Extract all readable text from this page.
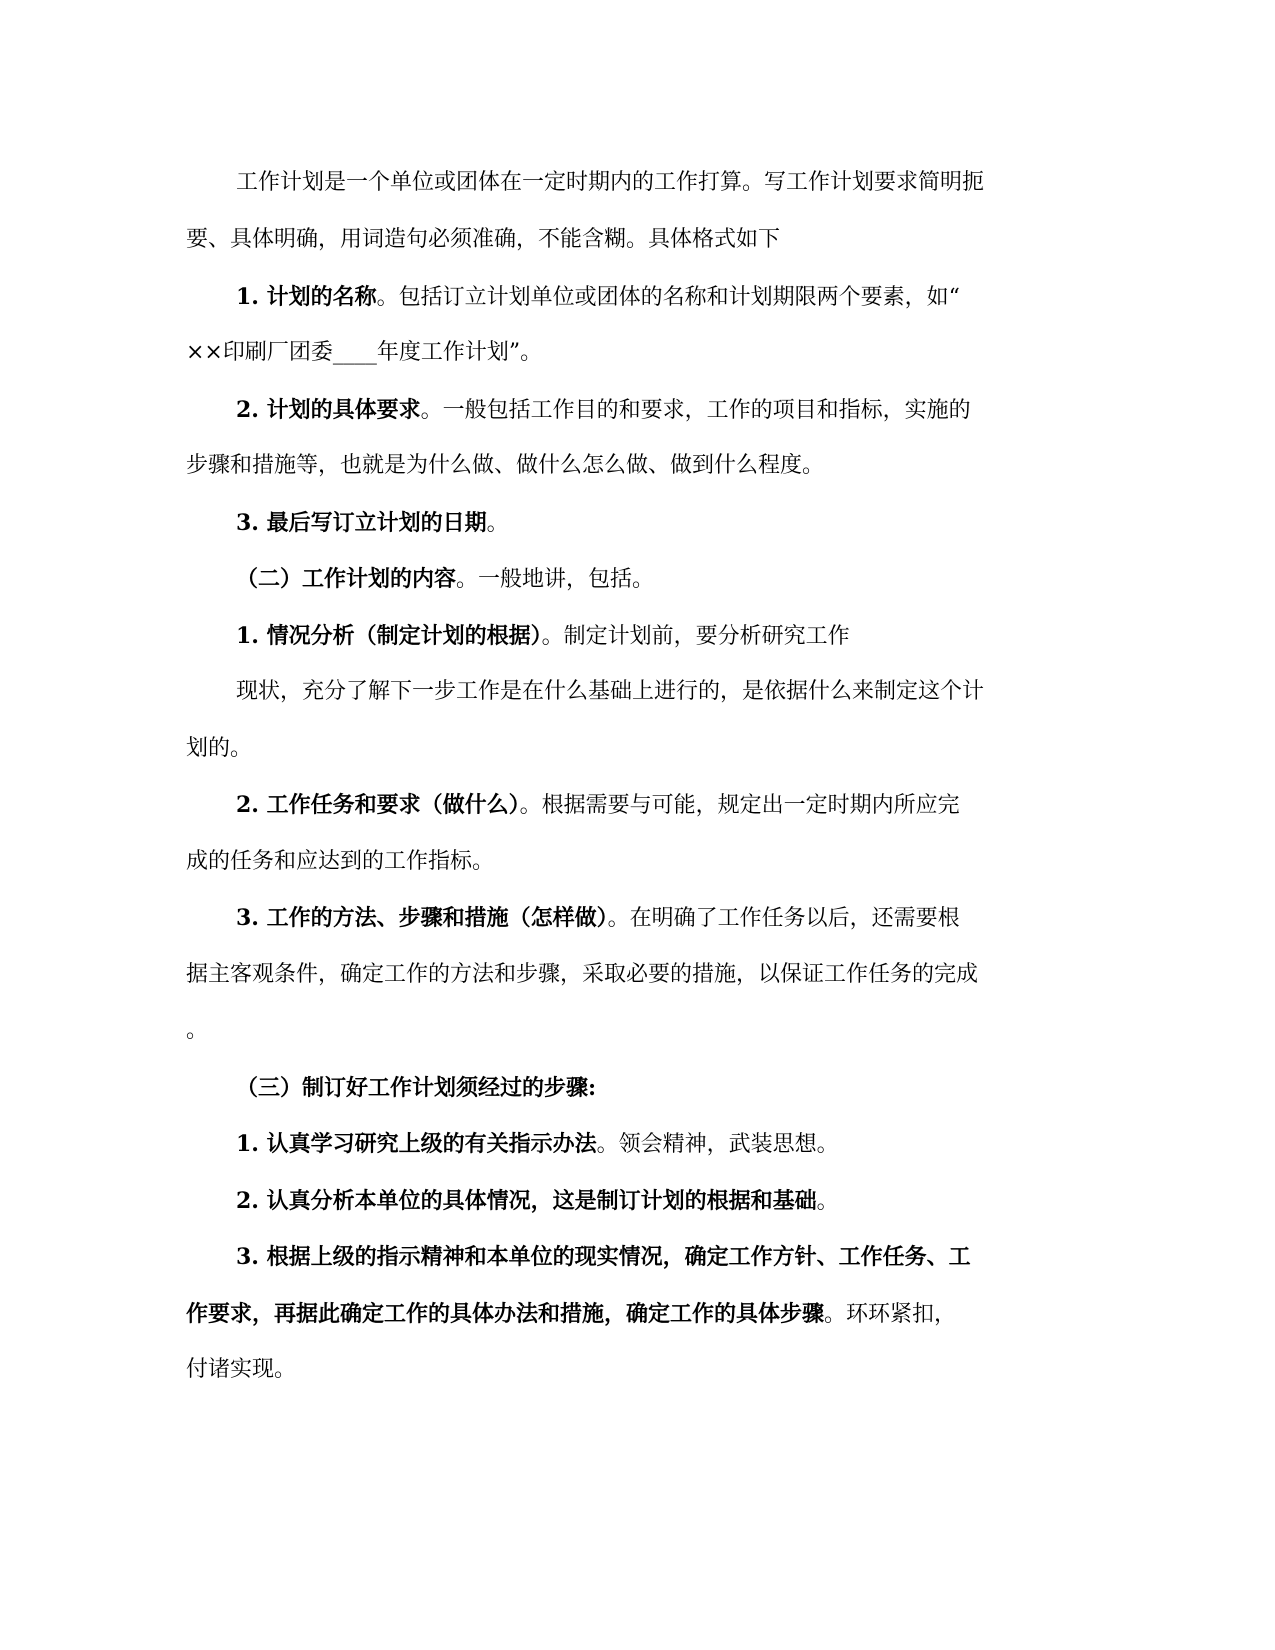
工作计划是一个单位或团体在一定时期内的工作打算。写工作计划要求简明扼

要、具体明确，用词造句必须准确，不能含糊。具体格式如下

1. 计划的名称。包括订立计划单位或团体的名称和计划期限两个要素，如“

××印刷厂团委____年度工作计划”。

2. 计划的具体要求。一般包括工作目的和要求，工作的项目和指标，实施的

步骤和措施等，也就是为什么做、做什么怎么做、做到什么程度。

3. 最后写订立计划的日期。

（二）工作计划的内容。一般地讲，包括。

1. 情况分析（制定计划的根据）。制定计划前，要分析研究工作

现状，充分了解下一步工作是在什么基础上进行的，是依据什么来制定这个计

划的。

2. 工作任务和要求（做什么）。根据需要与可能，规定出一定时期内所应完

成的任务和应达到的工作指标。

3. 工作的方法、步骤和措施（怎样做）。在明确了工作任务以后，还需要根

据主客观条件，确定工作的方法和步骤，采取必要的措施，以保证工作任务的完成

。

（三）制订好工作计划须经过的步骤:

1. 认真学习研究上级的有关指示办法。领会精神，武装思想。

2. 认真分析本单位的具体情况，这是制订计划的根据和基础。

3. 根据上级的指示精神和本单位的现实情况，确定工作方针、工作任务、工

作要求，再据此确定工作的具体办法和措施，确定工作的具体步骤。环环紧扣，

付诸实现。
